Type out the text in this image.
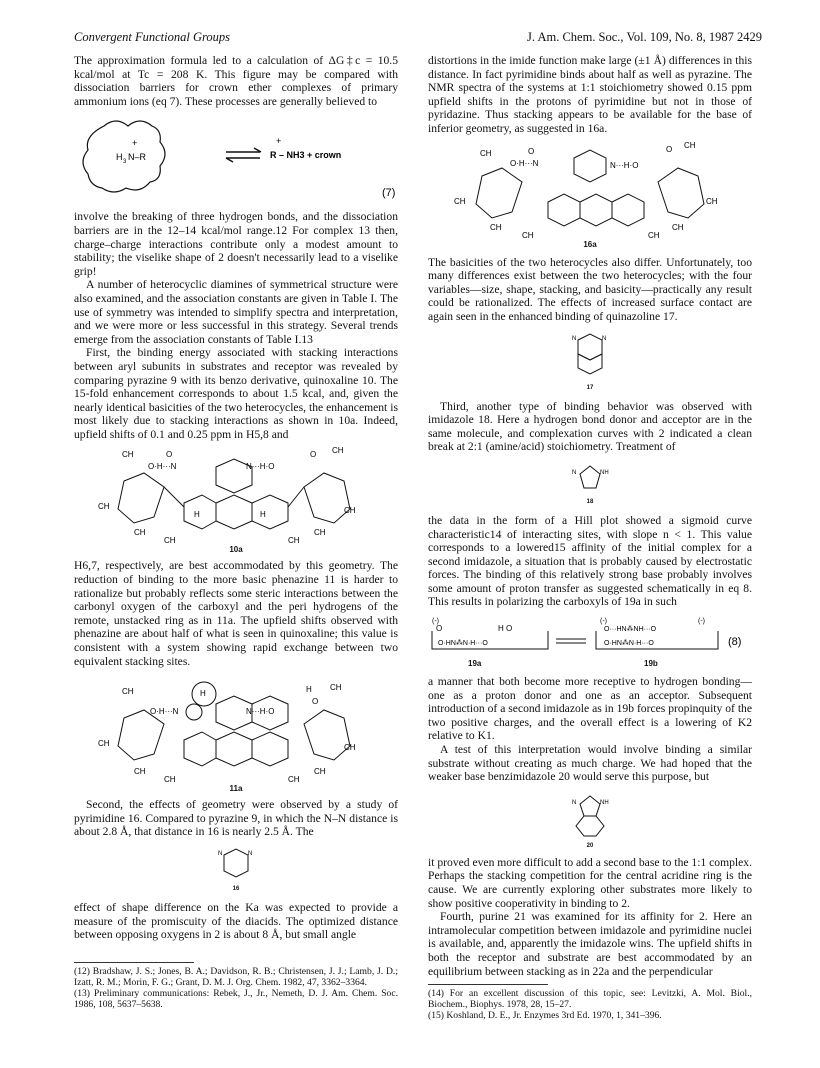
Convergent Functional Groups	J. Am. Chem. Soc., Vol. 109, No. 8, 1987 2429

The approximation formula led to a calculation of ΔG‡c = 10.5 kcal/mol at Tc = 208 K. This figure may be compared with dissociation barriers for crown ether complexes of primary ammonium ions (eq 7). These processes are generally believed to

H 3 N–R
+	+
R – NH3 + crown
(7)

involve the breaking of three hydrogen bonds, and the dissociation barriers are in the 12–14 kcal/mol range.12 For complex 13 then, charge–charge interactions contribute only a modest amount to stability; the viselike shape of 2 doesn't necessarily lead to a viselike grip!

A number of heterocyclic diamines of symmetrical structure were also examined, and the association constants are given in Table I. The use of symmetry was intended to simplify spectra and interpretation, and we were more or less successful in this strategy. Several trends emerge from the association constants of Table I.13

First, the binding energy associated with stacking interactions between aryl subunits in substrates and receptor was revealed by comparing pyrazine 9 with its benzo derivative, quinoxaline 10. The 15-fold enhancement corresponds to about 1.5 kcal, and, given the nearly identical basicities of the two heterocycles, the enhancement is most likely due to stacking interactions as shown in 10a. Indeed, upfield shifts of 0.1 and 0.25 ppm in H5,8 and

CH	O
O·H···N	N···H·O
O CH
CH	CH
CH
CH	CH
CH
H	H
10a

H6,7, respectively, are best accommodated by this geometry. The reduction of binding to the more basic phenazine 11 is harder to rationalize but probably reflects some steric interactions between the carbonyl oxygen of the carboxyl and the peri hydrogens of the remote, unstacked ring as in 11a. The upfield shifts observed with phenazine are about half of what is seen in quinoxaline; this value is consistent with a system showing rapid exchange between two equivalent stacking sites.

H	H
CH
O
CH
O·H···N	N···H·O
CH	CH
CH
CH	CH
CH
11a

Second, the effects of geometry were observed by a study of pyrimidine 16. Compared to pyrazine 9, in which the N–N distance is about 2.8 Å, that distance in 16 is nearly 2.5 Å. The

N	N
16

effect of shape difference on the Ka was expected to provide a measure of the promiscuity of the diacids. The optimized distance between opposing oxygens in 2 is about 8 Å, but small angle

(12) Bradshaw, J. S.; Jones, B. A.; Davidson, R. B.; Christensen, J. J.; Lamb, J. D.; Izatt, R. M.; Morin, F. G.; Grant, D. M. J. Org. Chem. 1982, 47, 3362–3364.

(13) Preliminary communications: Rebek, J., Jr., Nemeth, D. J. Am. Chem. Soc. 1986, 108, 5637–5638.

distortions in the imide function make large (±1 Å) differences in this distance. In fact pyrimidine binds about half as well as pyrazine. The NMR spectra of the systems at 1:1 stoichiometry showed 0.15 ppm upfield shifts in the protons of pyrimidine but not in those of pyridazine. Thus stacking appears to be available for the base of inferior geometry, as suggested in 16a.

CH	O
O·H···N	N···H·O
O CH
CH	CH
CH
CH	CH
CH
16a

The basicities of the two heterocycles also differ. Unfortunately, too many differences exist between the two heterocycles; with the four variables—size, shape, stacking, and basicity—practically any result could be rationalized. The effects of increased surface contact are again seen in the enhanced binding of quinazoline 17.

N	N
17

Third, another type of binding behavior was observed with imidazole 18. Here a hydrogen bond donor and acceptor are in the same molecule, and complexation curves with 2 indicated a clean break at 2:1 (amine/acid) stoichiometry. Treatment of

N	NH
18

the data in the form of a Hill plot showed a sigmoid curve characteristic14 of interacting sites, with slope n < 1. This value corresponds to a lowered15 affinity of the initial complex for a second imidazole, a situation that is probably caused by electrostatic forces. The binding of this relatively strong base probably involves some amount of proton transfer as suggested schematically in eq 8. This results in polarizing the carboxyls of 19a in such

(-)
O	H O
O·HN⁂N·H···O
(-)	(-)
O···HN⁂NH···O
O·HN⁂N·H···O	(8)
19a	19b

a manner that both become more receptive to hydrogen bonding—one as a proton donor and one as an acceptor. Subsequent introduction of a second imidazole as in 19b forces propinquity of the two positive charges, and the overall effect is a lowering of K2 relative to K1.

A test of this interpretation would involve binding a similar substrate without creating as much charge. We had hoped that the weaker base benzimidazole 20 would serve this purpose, but

N	NH
20

it proved even more difficult to add a second base to the 1:1 complex. Perhaps the stacking competition for the central acridine ring is the cause. We are currently exploring other substrates more likely to show positive cooperativity in binding to 2.

Fourth, purine 21 was examined for its affinity for 2. Here an intramolecular competition between imidazole and pyrimidine nuclei is available, and, apparently the imidazole wins. The upfield shifts in both the receptor and substrate are best accommodated by an equilibrium between stacking as in 22a and the perpendicular

(14) For an excellent discussion of this topic, see: Levitzki, A. Mol. Biol., Biochem., Biophys. 1978, 28, 15–27.

(15) Koshland, D. E., Jr. Enzymes 3rd Ed. 1970, 1, 341–396.
